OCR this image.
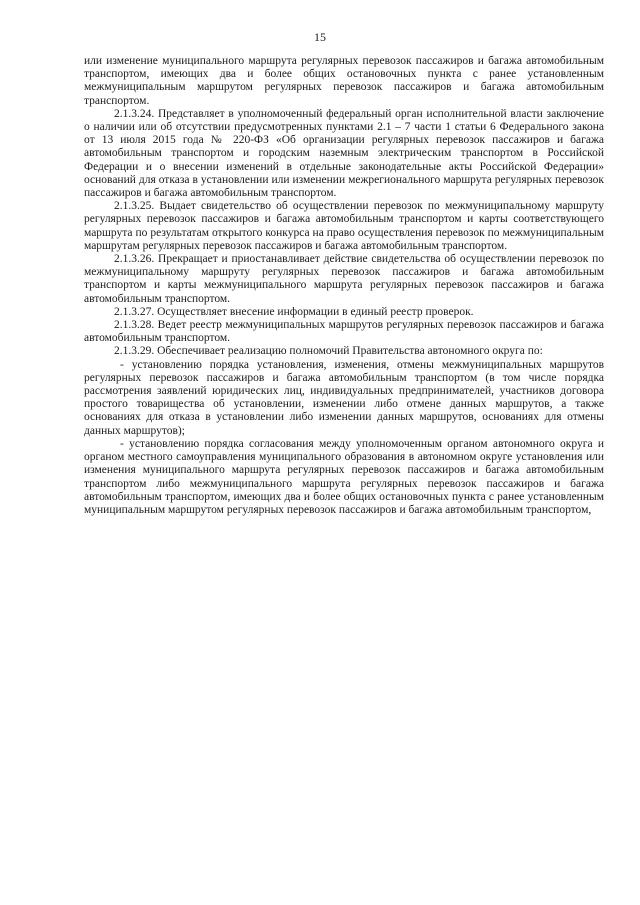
15

или изменение муниципального маршрута регулярных перевозок пассажиров и багажа автомобильным транспортом, имеющих два и более общих остановочных пункта с ранее установленным межмуниципальным маршрутом регулярных перевозок пассажиров и багажа автомобильным транспортом.

2.1.3.24. Представляет в уполномоченный федеральный орган исполнительной власти заключение о наличии или об отсутствии предусмотренных пунктами 2.1 – 7 части 1 статьи 6 Федерального закона от 13 июля 2015 года № 220-ФЗ «Об организации регулярных перевозок пассажиров и багажа автомобильным транспортом и городским наземным электрическим транспортом в Российской Федерации и о внесении изменений в отдельные законодательные акты Российской Федерации» оснований для отказа в установлении или изменении межрегионального маршрута регулярных перевозок пассажиров и багажа автомобильным транспортом.

2.1.3.25. Выдает свидетельство об осуществлении перевозок по межмуниципальному маршруту регулярных перевозок пассажиров и багажа автомобильным транспортом и карты соответствующего маршрута по результатам открытого конкурса на право осуществления перевозок по межмуниципальным маршрутам регулярных перевозок пассажиров и багажа автомобильным транспортом.

2.1.3.26. Прекращает и приостанавливает действие свидетельства об осуществлении перевозок по межмуниципальному маршруту регулярных перевозок пассажиров и багажа автомобильным транспортом и карты межмуниципального маршрута регулярных перевозок пассажиров и багажа автомобильным транспортом.

2.1.3.27. Осуществляет внесение информации в единый реестр проверок.

2.1.3.28. Ведет реестр межмуниципальных маршрутов регулярных перевозок пассажиров и багажа автомобильным транспортом.

2.1.3.29. Обеспечивает реализацию полномочий Правительства автономного округа по:

- установлению порядка установления, изменения, отмены межмуниципальных маршрутов регулярных перевозок пассажиров и багажа автомобильным транспортом (в том числе порядка рассмотрения заявлений юридических лиц, индивидуальных предпринимателей, участников договора простого товарищества об установлении, изменении либо отмене данных маршрутов, а также основаниях для отказа в установлении либо изменении данных маршрутов, основаниях для отмены данных маршрутов);

- установлению порядка согласования между уполномоченным органом автономного округа и органом местного самоуправления муниципального образования в автономном округе установления или изменения муниципального маршрута регулярных перевозок пассажиров и багажа автомобильным транспортом либо межмуниципального маршрута регулярных перевозок пассажиров и багажа автомобильным транспортом, имеющих два и более общих остановочных пункта с ранее установленным муниципальным маршрутом регулярных перевозок пассажиров и багажа автомобильным транспортом,
